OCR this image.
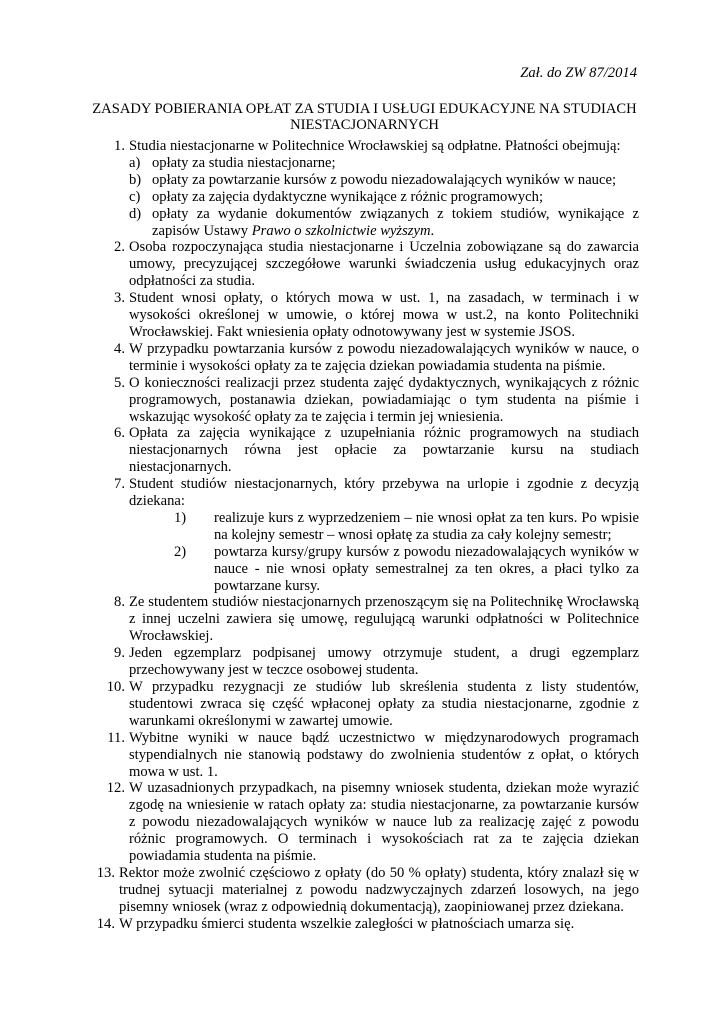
Zał. do ZW 87/2014
ZASADY POBIERANIA OPŁAT ZA STUDIA I USŁUGI EDUKACYJNE NA STUDIACH NIESTACJONARNYCH
1. Studia niestacjonarne w Politechnice Wrocławskiej są odpłatne. Płatności obejmują:
a) opłaty za studia niestacjonarne;
b) opłaty za powtarzanie kursów z powodu niezadowalających wyników w nauce;
c) opłaty za zajęcia dydaktyczne wynikające z różnic programowych;
d) opłaty za wydanie dokumentów związanych z tokiem studiów, wynikające z zapisów Ustawy Prawo o szkolnictwie wyższym.
2. Osoba rozpoczynająca studia niestacjonarne i Uczelnia zobowiązane są do zawarcia umowy, precyzującej szczegółowe warunki świadczenia usług edukacyjnych oraz odpłatności za studia.
3. Student wnosi opłaty, o których mowa w ust. 1, na zasadach, w terminach i w wysokości określonej w umowie, o której mowa w ust.2, na konto Politechniki Wrocławskiej. Fakt wniesienia opłaty odnotowywany jest w systemie JSOS.
4. W przypadku powtarzania kursów z powodu niezadowalających wyników w nauce, o terminie i wysokości opłaty za te zajęcia dziekan powiadamia studenta na piśmie.
5. O konieczności realizacji przez studenta zajęć dydaktycznych, wynikających z różnic programowych, postanawia dziekan, powiadamiając o tym studenta na piśmie i wskazując wysokość opłaty za te zajęcia i termin jej wniesienia.
6. Opłata za zajęcia wynikające z uzupełniania różnic programowych na studiach niestacjonarnych równa jest opłacie za powtarzanie kursu na studiach niestacjonarnych.
7. Student studiów niestacjonarnych, który przebywa na urlopie i zgodnie z decyzją dziekana:
1) realizuje kurs z wyprzedzeniem – nie wnosi opłat za ten kurs. Po wpisie na kolejny semestr – wnosi opłatę za studia za cały kolejny semestr;
2) powtarza kursy/grupy kursów z powodu niezadowalających wyników w nauce - nie wnosi opłaty semestralnej za ten okres, a płaci tylko za powtarzane kursy.
8. Ze studentem studiów niestacjonarnych przenoszącym się na Politechnikę Wrocławską z innej uczelni zawiera się umowę, regulującą warunki odpłatności w Politechnice Wrocławskiej.
9. Jeden egzemplarz podpisanej umowy otrzymuje student, a drugi egzemplarz przechowywany jest w teczce osobowej studenta.
10. W przypadku rezygnacji ze studiów lub skreślenia studenta z listy studentów, studentowi zwraca się część wpłaconej opłaty za studia niestacjonarne, zgodnie z warunkami określonymi w zawartej umowie.
11. Wybitne wyniki w nauce bądź uczestnictwo w międzynarodowych programach stypendialnych nie stanowią podstawy do zwolnienia studentów z opłat, o których mowa w ust. 1.
12. W uzasadnionych przypadkach, na pisemny wniosek studenta, dziekan może wyrazić zgodę na wniesienie w ratach opłaty za: studia niestacjonarne, za powtarzanie kursów z powodu niezadowalających wyników w nauce lub za realizację zajęć z powodu różnic programowych. O terminach i wysokościach rat za te zajęcia dziekan powiadamia studenta na piśmie.
13. Rektor może zwolnić częściowo z opłaty (do 50 % opłaty) studenta, który znalazł się w trudnej sytuacji materialnej z powodu nadzwyczajnych zdarzeń losowych, na jego pisemny wniosek (wraz z odpowiednią dokumentacją), zaopiniowanej przez dziekana.
14. W przypadku śmierci studenta wszelkie zaległości w płatnościach umarza się.
